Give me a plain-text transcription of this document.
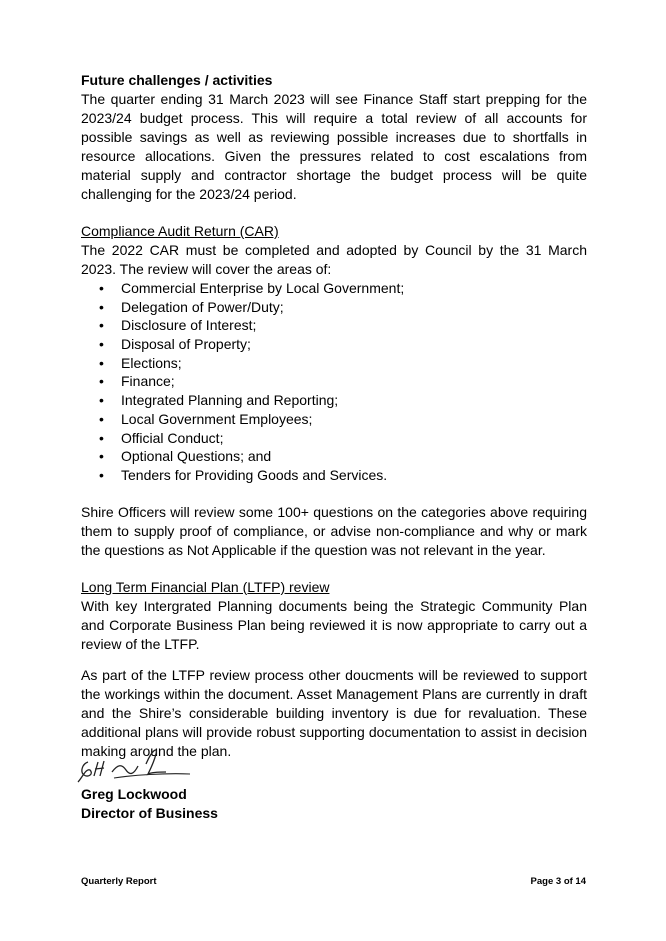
Future challenges / activities

The quarter ending 31 March 2023 will see Finance Staff start prepping for the 2023/24 budget process. This will require a total review of all accounts for possible savings as well as reviewing possible increases due to shortfalls in resource allocations. Given the pressures related to cost escalations from material supply and contractor shortage the budget process will be quite challenging for the 2023/24 period.

Compliance Audit Return (CAR)

The 2022 CAR must be completed and adopted by Council by the 31 March 2023. The review will cover the areas of:

• Commercial Enterprise by Local Government;
• Delegation of Power/Duty;
• Disclosure of Interest;
• Disposal of Property;
• Elections;
• Finance;
• Integrated Planning and Reporting;
• Local Government Employees;
• Official Conduct;
• Optional Questions; and
• Tenders for Providing Goods and Services.

Shire Officers will review some 100+ questions on the categories above requiring them to supply proof of compliance, or advise non-compliance and why or mark the questions as Not Applicable if the question was not relevant in the year.

Long Term Financial Plan (LTFP) review

With key Intergrated Planning documents being the Strategic Community Plan and Corporate Business Plan being reviewed it is now appropriate to carry out a review of the LTFP.

As part of the LTFP review process other doucments will be reviewed to support the workings within the document. Asset Management Plans are currently in draft and the Shire’s considerable building inventory is due for revaluation. These additional plans will provide robust supporting documentation to assist in decision making around the plan.

Greg Lockwood
Director of Business
Quarterly Report	Page 3 of 14
